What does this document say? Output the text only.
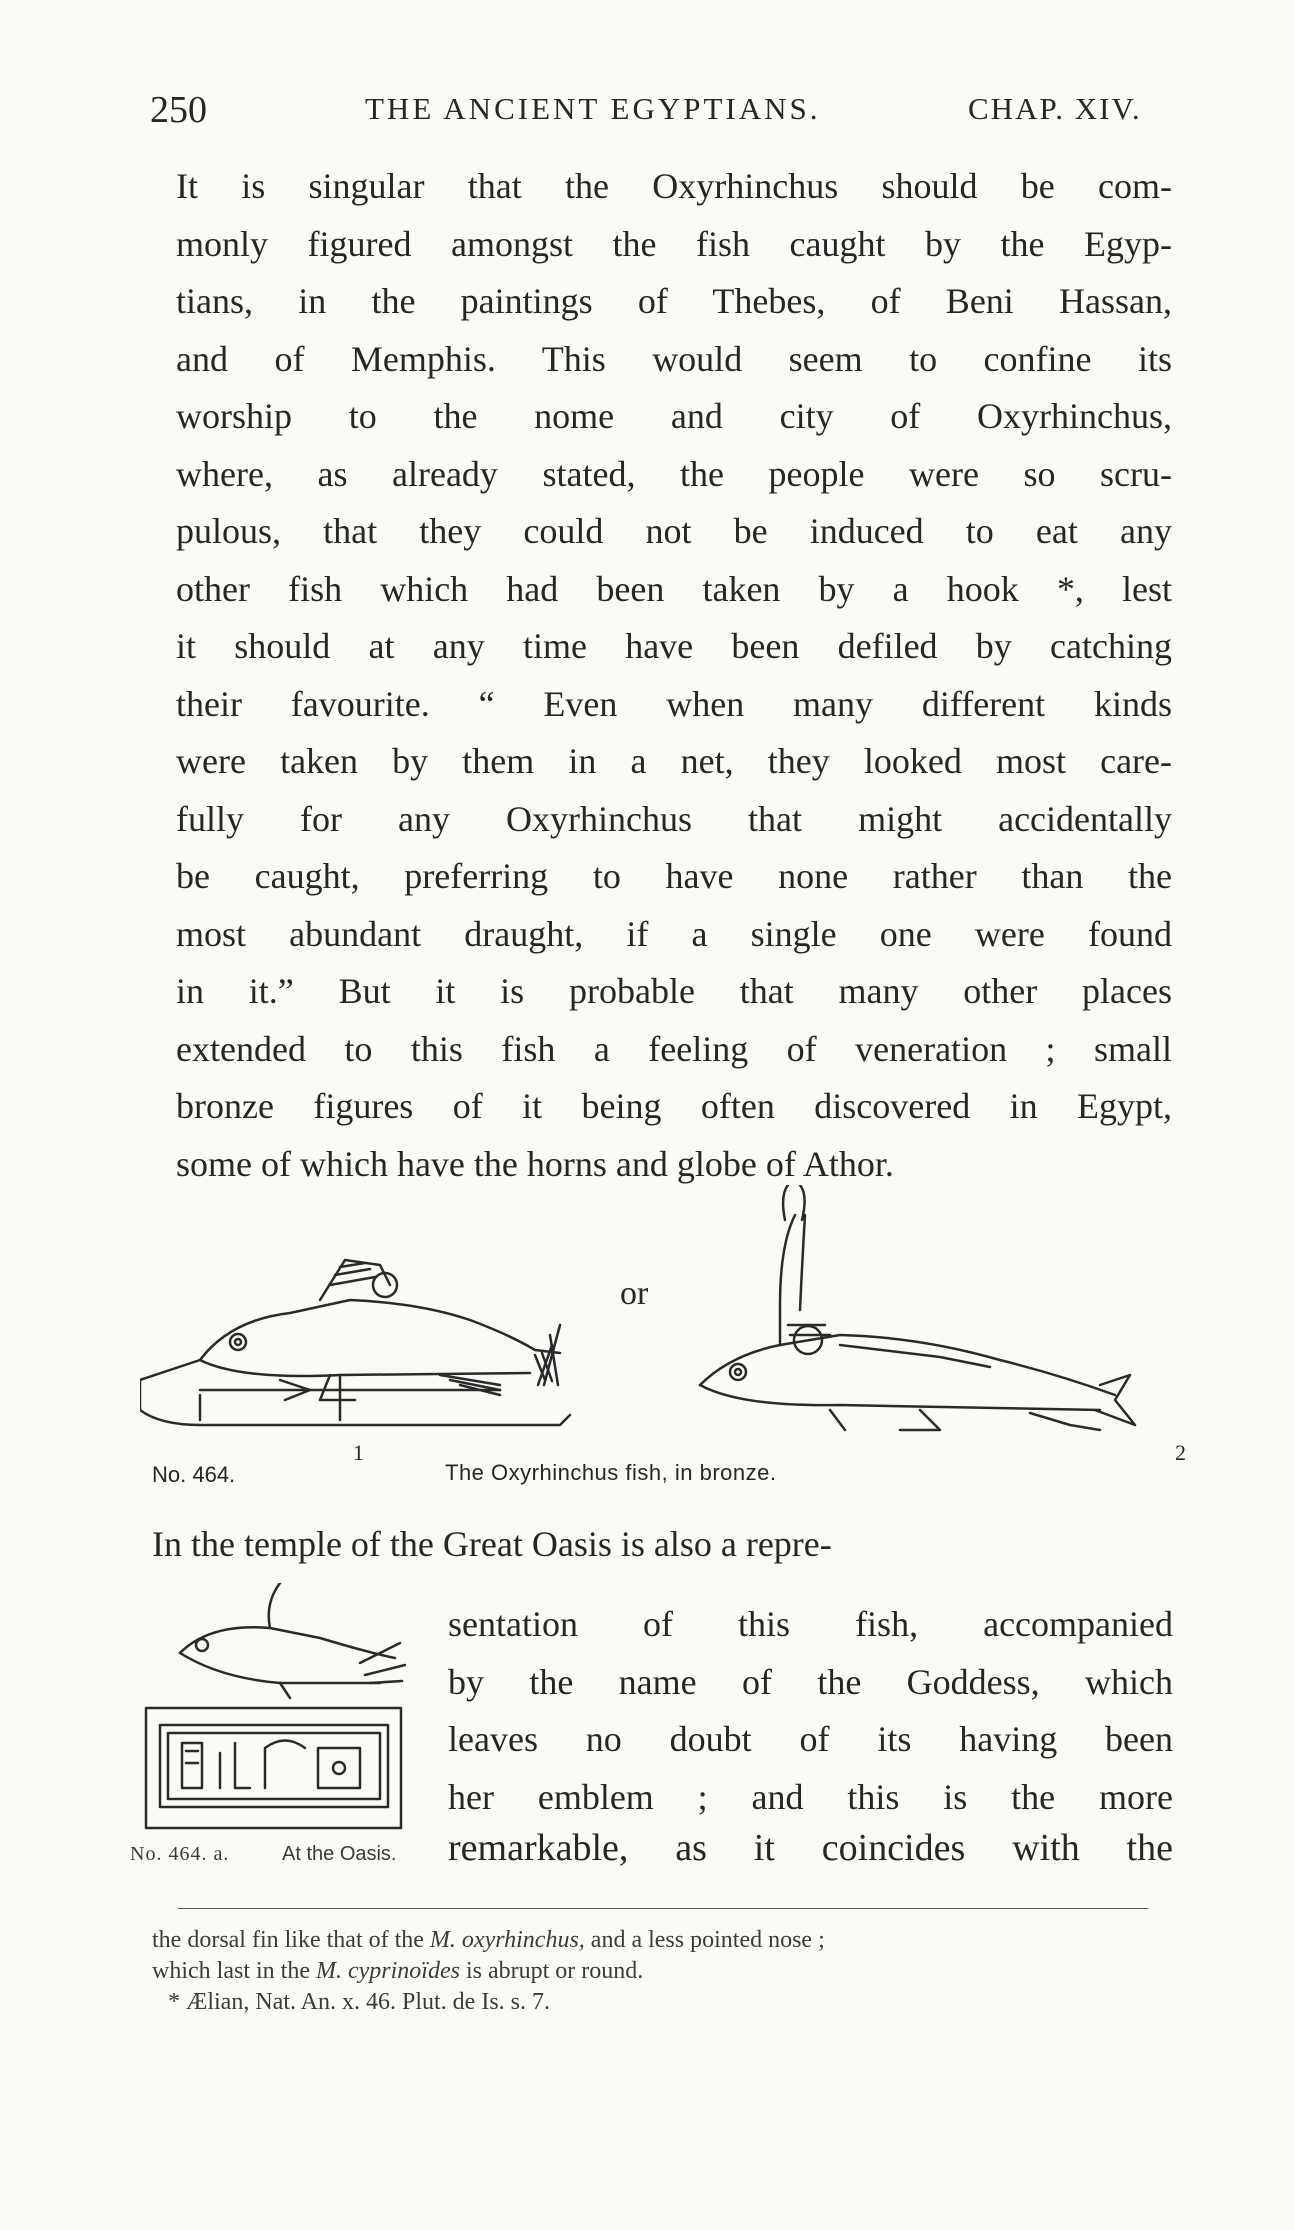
250	THE ANCIENT EGYPTIANS.	CHAP. XIV.
It is singular that the Oxyrhinchus should be com-
monly figured amongst the fish caught by the Egyp-
tians, in the paintings of Thebes, of Beni Hassan,
and of Memphis. This would seem to confine its
worship to the nome and city of Oxyrhinchus,
where, as already stated, the people were so scru-
pulous, that they could not be induced to eat any
other fish which had been taken by a hook *, lest
it should at any time have been defiled by catching
their favourite. “ Even when many different kinds
were taken by them in a net, they looked most care-
fully for any Oxyrhinchus that might accidentally
be caught, preferring to have none rather than the
most abundant draught, if a single one were found
in it.” But it is probable that many other places
extended to this fish a feeling of veneration ; small
bronze figures of it being often discovered in Egypt,
some of which have the horns and globe of Athor.
or
1	2
No. 464.	The Oxyrhinchus fish, in bronze.
In the temple of the Great Oasis is also a repre-
sentation of this fish, accompanied
by the name of the Goddess, which
leaves no doubt of its having been
her emblem ; and this is the more
No. 464. a.	At the Oasis. remarkable, as it coincides with the
the dorsal fin like that of the M. oxyrhinchus, and a less pointed nose ;
which last in the M. cyprinoïdes is abrupt or round.
* Ælian, Nat. An. x. 46. Plut. de Is. s. 7.
